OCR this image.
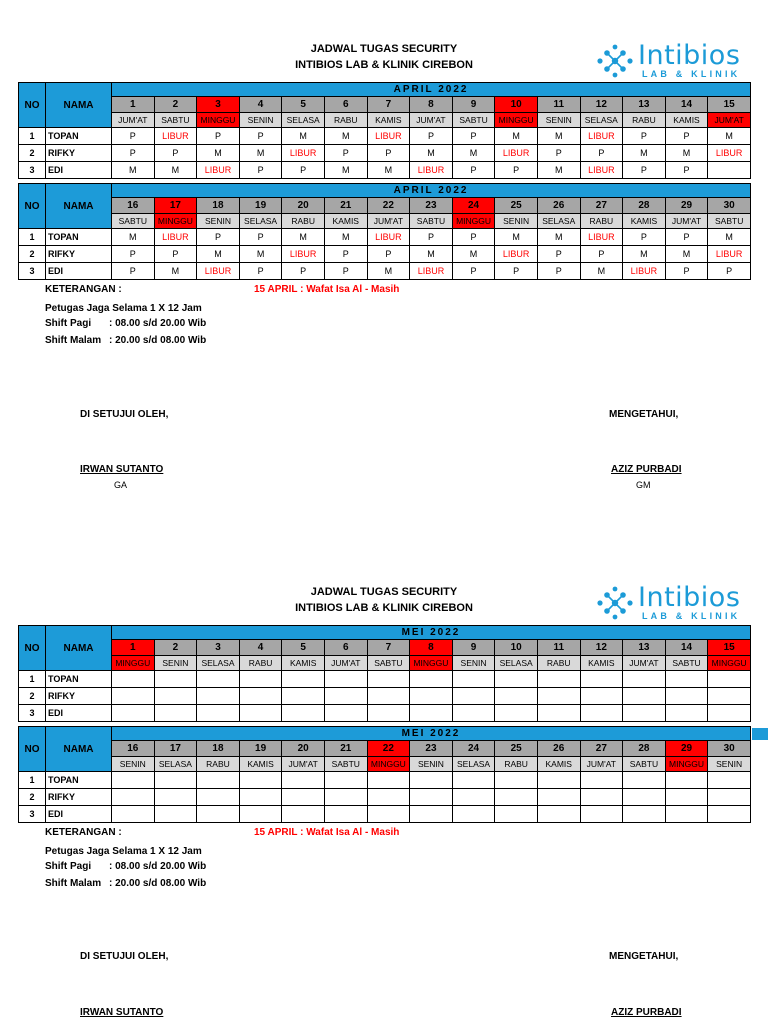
JADWAL TUGAS SECURITY
INTIBIOS LAB & KLINIK CIREBON	Intibios
LAB & KLINIK
NO	NAMA	APRIL 2022														
		1	2	3	4	5	6	7	8	9	10	11	12	13	14	15
		JUM'AT	SABTU	MINGGU	SENIN	SELASA	RABU	KAMIS	JUM'AT	SABTU	MINGGU	SENIN	SELASA	RABU	KAMIS	JUM'AT
1	TOPAN	P	LIBUR	P	P	M	M	LIBUR	P	P	M	M	LIBUR	P	P	M
2	RIFKY	P	P	M	M	LIBUR	P	P	M	M	LIBUR	P	P	M	M	LIBUR
3	EDI	M	M	LIBUR	P	P	M	M	LIBUR	P	P	M	LIBUR	P	P	
NO	NAMA	APRIL 2022														
		16	17	18	19	20	21	22	23	24	25	26	27	28	29	30
		SABTU	MINGGU	SENIN	SELASA	RABU	KAMIS	JUM'AT	SABTU	MINGGU	SENIN	SELASA	RABU	KAMIS	JUM'AT	SABTU
1	TOPAN	M	LIBUR	P	P	M	M	LIBUR	P	P	M	M	LIBUR	P	P	M
2	RIFKY	P	P	M	M	LIBUR	P	P	M	M	LIBUR	P	P	M	M	LIBUR
3	EDI	P	M	LIBUR	P	P	P	M	LIBUR	P	P	P	M	LIBUR	P	P
KETERANGAN :	15 APRIL : Wafat Isa Al - Masih
Petugas Jaga Selama 1 X 12 Jam
Shift Pagi	: 08.00 s/d 20.00 Wib
Shift Malam : 20.00 s/d 08.00 Wib
DI SETUJUI OLEH,	MENGETAHUI,
IRWAN SUTANTO	AZIZ PURBADI
GA	GM
JADWAL TUGAS SECURITY
INTIBIOS LAB & KLINIK CIREBON	Intibios
LAB & KLINIK
NO	NAMA	MEI 2022														
		1	2	3	4	5	6	7	8	9	10	11	12	13	14	15
		MINGGU	SENIN	SELASA	RABU	KAMIS	JUM'AT	SABTU	MINGGU	SENIN	SELASA	RABU	KAMIS	JUM'AT	SABTU	MINGGU
1	TOPAN															
2	RIFKY															
3	EDI															
NO	NAMA	MEI 2022														
		16	17	18	19	20	21	22	23	24	25	26	27	28	29	30
		SENIN	SELASA	RABU	KAMIS	JUM'AT	SABTU	MINGGU	SENIN	SELASA	RABU	KAMIS	JUM'AT	SABTU	MINGGU	SENIN
1	TOPAN															
2	RIFKY															
3	EDI															
KETERANGAN :	15 APRIL : Wafat Isa Al - Masih
Petugas Jaga Selama 1 X 12 Jam
Shift Pagi	: 08.00 s/d 20.00 Wib
Shift Malam : 20.00 s/d 08.00 Wib
DI SETUJUI OLEH,	MENGETAHUI,
IRWAN SUTANTO	AZIZ PURBADI
